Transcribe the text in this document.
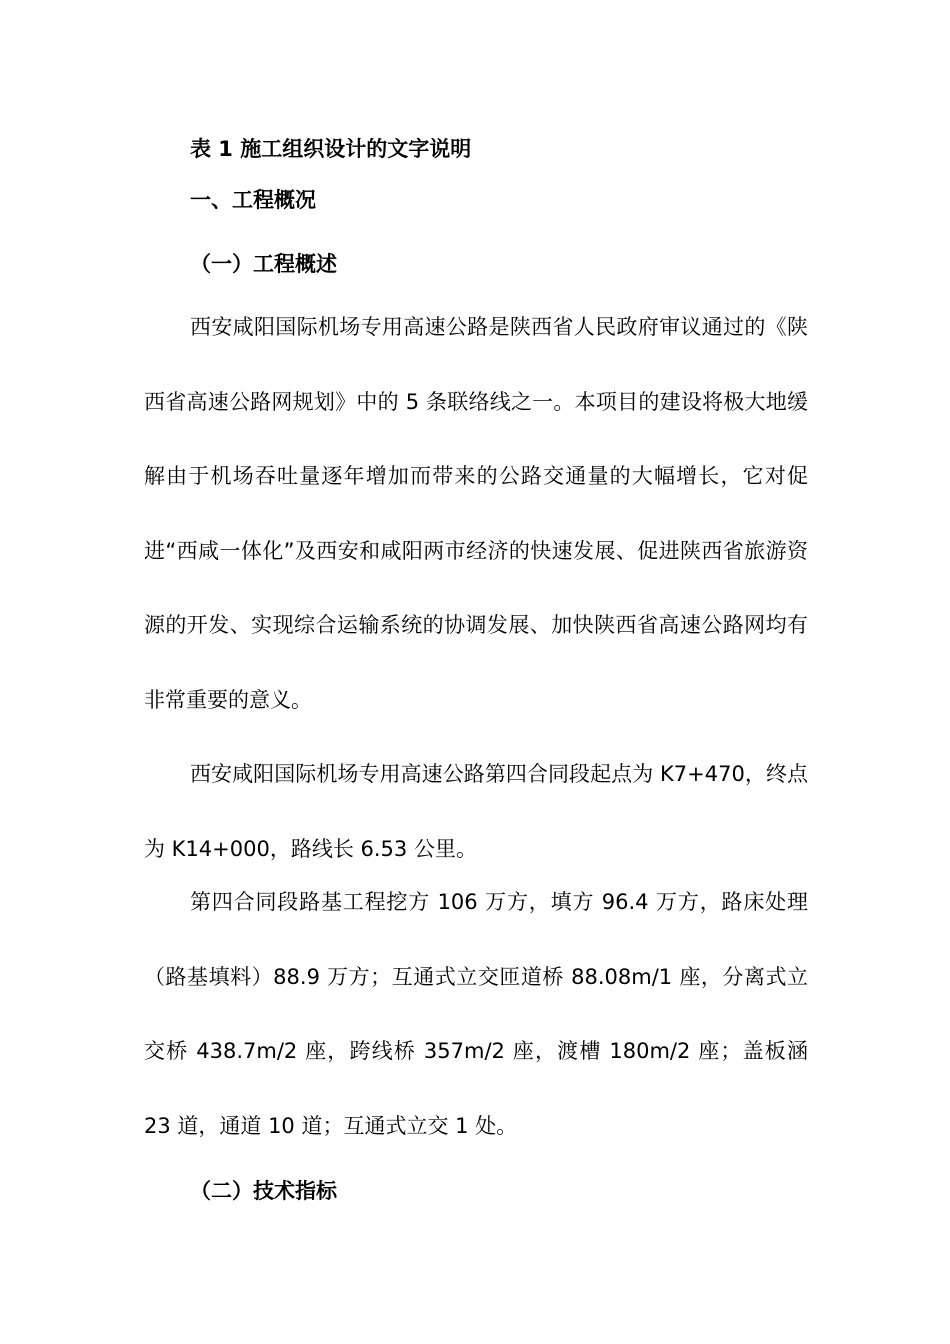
表 1 施工组织设计的文字说明
一、工程概况
（一）工程概述

西安咸阳国际机场专用高速公路是陕西省人民政府审议通过的《陕西省高速公路网规划》中的 5 条联络线之一。本项目的建设将极大地缓解由于机场吞吐量逐年增加而带来的公路交通量的大幅增长，它对促进“西咸一体化”及西安和咸阳两市经济的快速发展、促进陕西省旅游资源的开发、实现综合运输系统的协调发展、加快陕西省高速公路网均有非常重要的意义。

西安咸阳国际机场专用高速公路第四合同段起点为 K7+470，终点为 K14+000，路线长 6.53 公里。

第四合同段路基工程挖方 106 万方，填方 96.4 万方，路床处理（路基填料）88.9 万方；互通式立交匝道桥 88.08m/1 座，分离式立交桥 438.7m/2 座，跨线桥 357m/2 座，渡槽 180m/2 座；盖板涵 23 道，通道 10 道；互通式立交 1 处。

（二）技术指标
